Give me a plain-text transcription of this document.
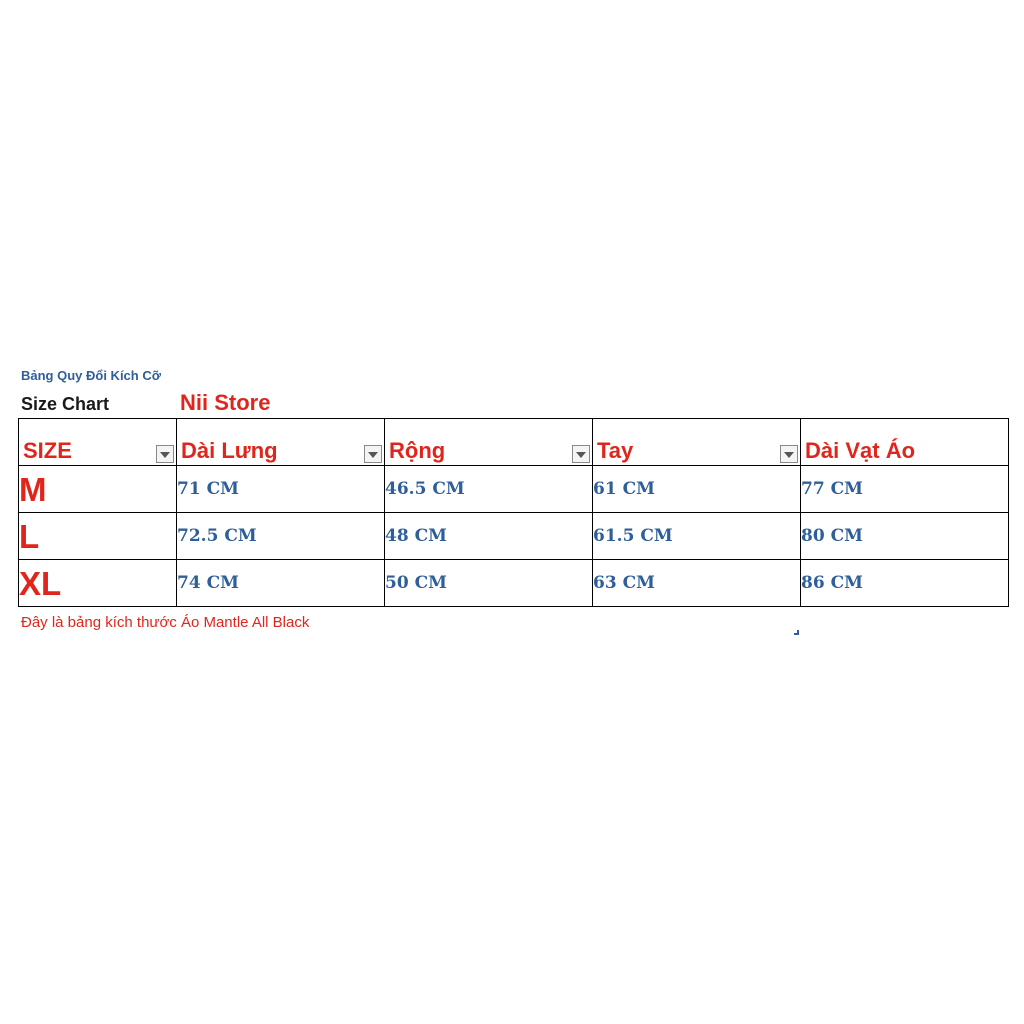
Bảng Quy Đổi Kích Cỡ
Size Chart	Nii Store
SIZE	Dài Lưng	Rộng	Tay	Dài Vạt Áo

M	71 CM	46.5 CM	61 CM	77 CM
L	72.5 CM	48 CM	61.5 CM	80 CM
XL	74 CM	50 CM	63 CM	86 CM
Đây là bảng kích thước Áo Mantle All Black
